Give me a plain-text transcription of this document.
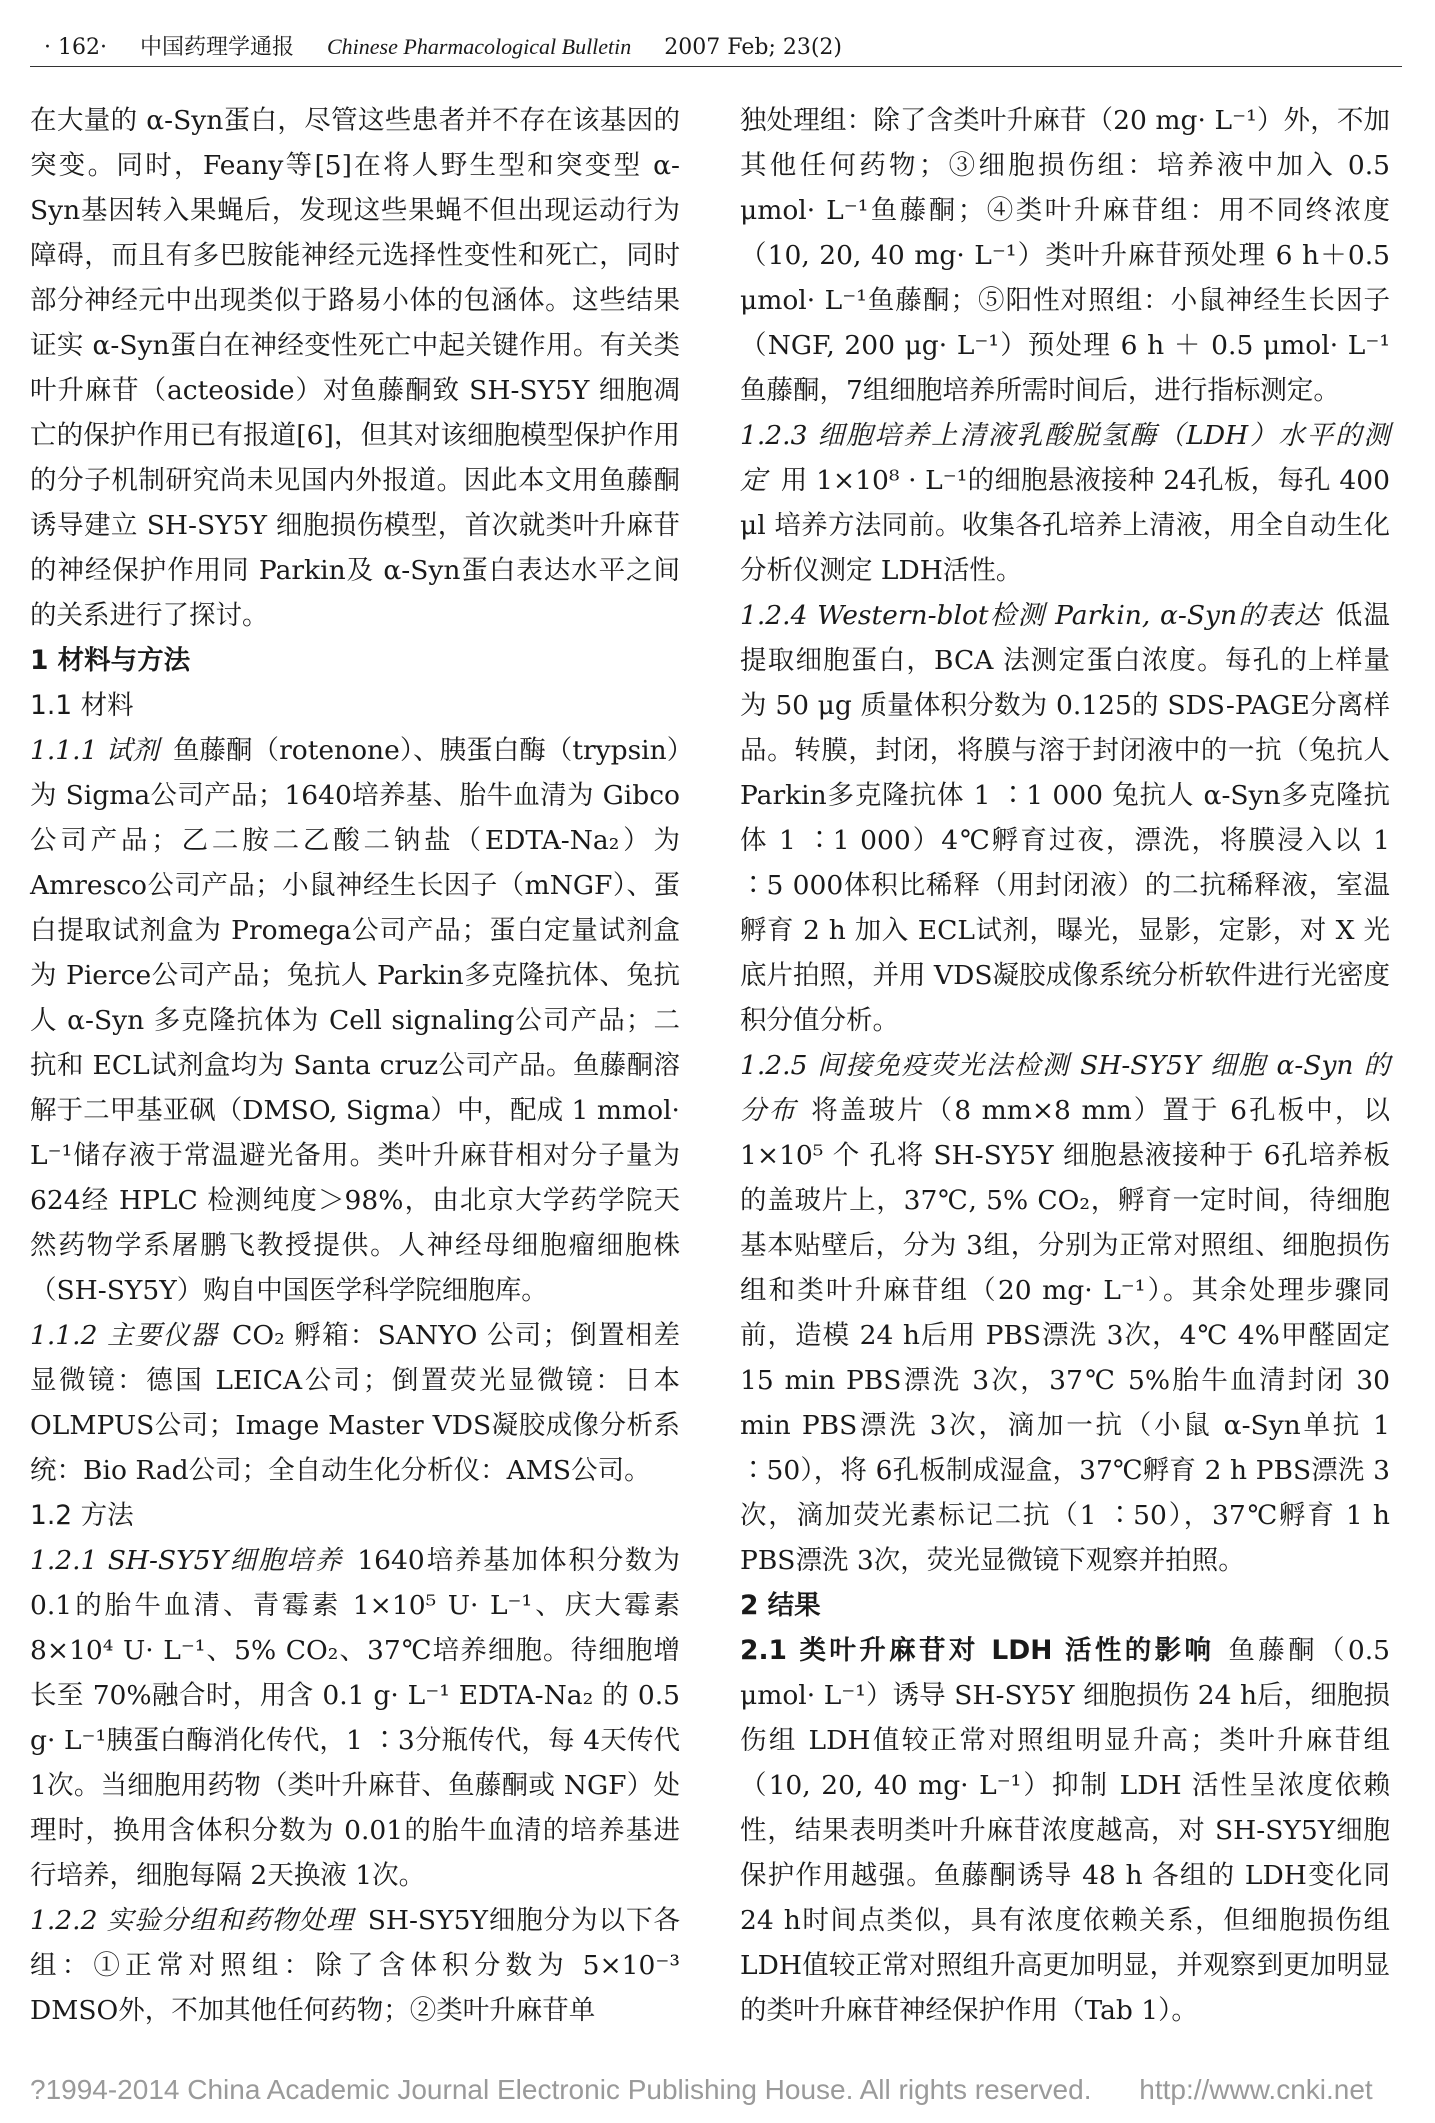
· 162· 中国药理学通报 Chinese Pharmacological Bulletin 2007 Feb; 23(2)

在大量的 α-Syn蛋白，尽管这些患者并不存在该基因的突变。同时，Feany等[5]在将人野生型和突变型 α-Syn基因转入果蝇后，发现这些果蝇不但出现运动行为障碍，而且有多巴胺能神经元选择性变性和死亡，同时部分神经元中出现类似于路易小体的包涵体。这些结果证实 α-Syn蛋白在神经变性死亡中起关键作用。有关类叶升麻苷（acteoside）对鱼藤酮致 SH-SY5Y 细胞凋亡的保护作用已有报道[6]，但其对该细胞模型保护作用的分子机制研究尚未见国内外报道。因此本文用鱼藤酮诱导建立 SH-SY5Y 细胞损伤模型，首次就类叶升麻苷的神经保护作用同 Parkin及 α-Syn蛋白表达水平之间的关系进行了探讨。

1 材料与方法

1.1 材料

1.1.1 试剂 鱼藤酮（rotenone）、胰蛋白酶（trypsin）为 Sigma公司产品；1640培养基、胎牛血清为 Gibco公司产品；乙二胺二乙酸二钠盐（EDTA-Na₂）为 Amresco公司产品；小鼠神经生长因子（mNGF）、蛋白提取试剂盒为 Promega公司产品；蛋白定量试剂盒为 Pierce公司产品；兔抗人 Parkin多克隆抗体、兔抗人 α-Syn 多克隆抗体为 Cell signaling公司产品；二抗和 ECL试剂盒均为 Santa cruz公司产品。鱼藤酮溶解于二甲基亚砜（DMSO, Sigma）中，配成 1 mmol· L⁻¹储存液于常温避光备用。类叶升麻苷相对分子量为 624经 HPLC 检测纯度＞98%，由北京大学药学院天然药物学系屠鹏飞教授提供。人神经母细胞瘤细胞株（SH-SY5Y）购自中国医学科学院细胞库。

1.1.2 主要仪器 CO₂ 孵箱：SANYO 公司；倒置相差显微镜：德国 LEICA公司；倒置荧光显微镜：日本 OLMPUS公司；Image Master VDS凝胶成像分析系统：Bio Rad公司；全自动生化分析仪：AMS公司。

1.2 方法

1.2.1 SH-SY5Y细胞培养 1640培养基加体积分数为 0.1的胎牛血清、青霉素 1×10⁵ U· L⁻¹、庆大霉素 8×10⁴ U· L⁻¹、5% CO₂、37℃培养细胞。待细胞增长至 70%融合时，用含 0.1 g· L⁻¹ EDTA-Na₂ 的 0.5 g· L⁻¹胰蛋白酶消化传代，1 ∶3分瓶传代，每 4天传代 1次。当细胞用药物（类叶升麻苷、鱼藤酮或 NGF）处理时，换用含体积分数为 0.01的胎牛血清的培养基进行培养，细胞每隔 2天换液 1次。

1.2.2 实验分组和药物处理 SH-SY5Y细胞分为以下各组：①正常对照组：除了含体积分数为 5×10⁻³ DMSO外，不加其他任何药物；②类叶升麻苷单

独处理组：除了含类叶升麻苷（20 mg· L⁻¹）外，不加其他任何药物；③细胞损伤组：培养液中加入 0.5 μmol· L⁻¹鱼藤酮；④类叶升麻苷组：用不同终浓度（10, 20, 40 mg· L⁻¹）类叶升麻苷预处理 6 h＋0.5 μmol· L⁻¹鱼藤酮；⑤阳性对照组：小鼠神经生长因子（NGF, 200 μg· L⁻¹）预处理 6 h ＋ 0.5 μmol· L⁻¹鱼藤酮，7组细胞培养所需时间后，进行指标测定。

1.2.3 细胞培养上清液乳酸脱氢酶（LDH）水平的测定 用 1×10⁸ · L⁻¹的细胞悬液接种 24孔板，每孔 400 μl 培养方法同前。收集各孔培养上清液，用全自动生化分析仪测定 LDH活性。

1.2.4 Western-blot检测 Parkin, α-Syn的表达 低温提取细胞蛋白，BCA 法测定蛋白浓度。每孔的上样量为 50 μg 质量体积分数为 0.125的 SDS-PAGE分离样品。转膜，封闭，将膜与溶于封闭液中的一抗（兔抗人 Parkin多克隆抗体 1 ∶1 000 兔抗人 α-Syn多克隆抗体 1 ∶1 000）4℃孵育过夜，漂洗，将膜浸入以 1 ∶5 000体积比稀释（用封闭液）的二抗稀释液，室温孵育 2 h 加入 ECL试剂，曝光，显影，定影，对 X 光底片拍照，并用 VDS凝胶成像系统分析软件进行光密度积分值分析。

1.2.5 间接免疫荧光法检测 SH-SY5Y 细胞 α-Syn 的分布 将盖玻片（8 mm×8 mm）置于 6孔板中，以 1×10⁵ 个 孔将 SH-SY5Y 细胞悬液接种于 6孔培养板的盖玻片上，37℃, 5% CO₂，孵育一定时间，待细胞基本贴壁后，分为 3组，分别为正常对照组、细胞损伤组和类叶升麻苷组（20 mg· L⁻¹）。其余处理步骤同前，造模 24 h后用 PBS漂洗 3次，4℃ 4%甲醛固定 15 min PBS漂洗 3次，37℃ 5%胎牛血清封闭 30 min PBS漂洗 3次，滴加一抗（小鼠 α-Syn单抗 1 ∶50），将 6孔板制成湿盒，37℃孵育 2 h PBS漂洗 3次，滴加荧光素标记二抗（1 ∶50），37℃孵育 1 h PBS漂洗 3次，荧光显微镜下观察并拍照。

2 结果

2.1 类叶升麻苷对 LDH 活性的影响 鱼藤酮（0.5 μmol· L⁻¹）诱导 SH-SY5Y 细胞损伤 24 h后，细胞损伤组 LDH值较正常对照组明显升高；类叶升麻苷组（10, 20, 40 mg· L⁻¹）抑制 LDH 活性呈浓度依赖性，结果表明类叶升麻苷浓度越高，对 SH-SY5Y细胞保护作用越强。鱼藤酮诱导 48 h 各组的 LDH变化同 24 h时间点类似，具有浓度依赖关系，但细胞损伤组 LDH值较正常对照组升高更加明显，并观察到更加明显的类叶升麻苷神经保护作用（Tab 1）。

?1994-2014 China Academic Journal Electronic Publishing House. All rights reserved. http://www.cnki.net
